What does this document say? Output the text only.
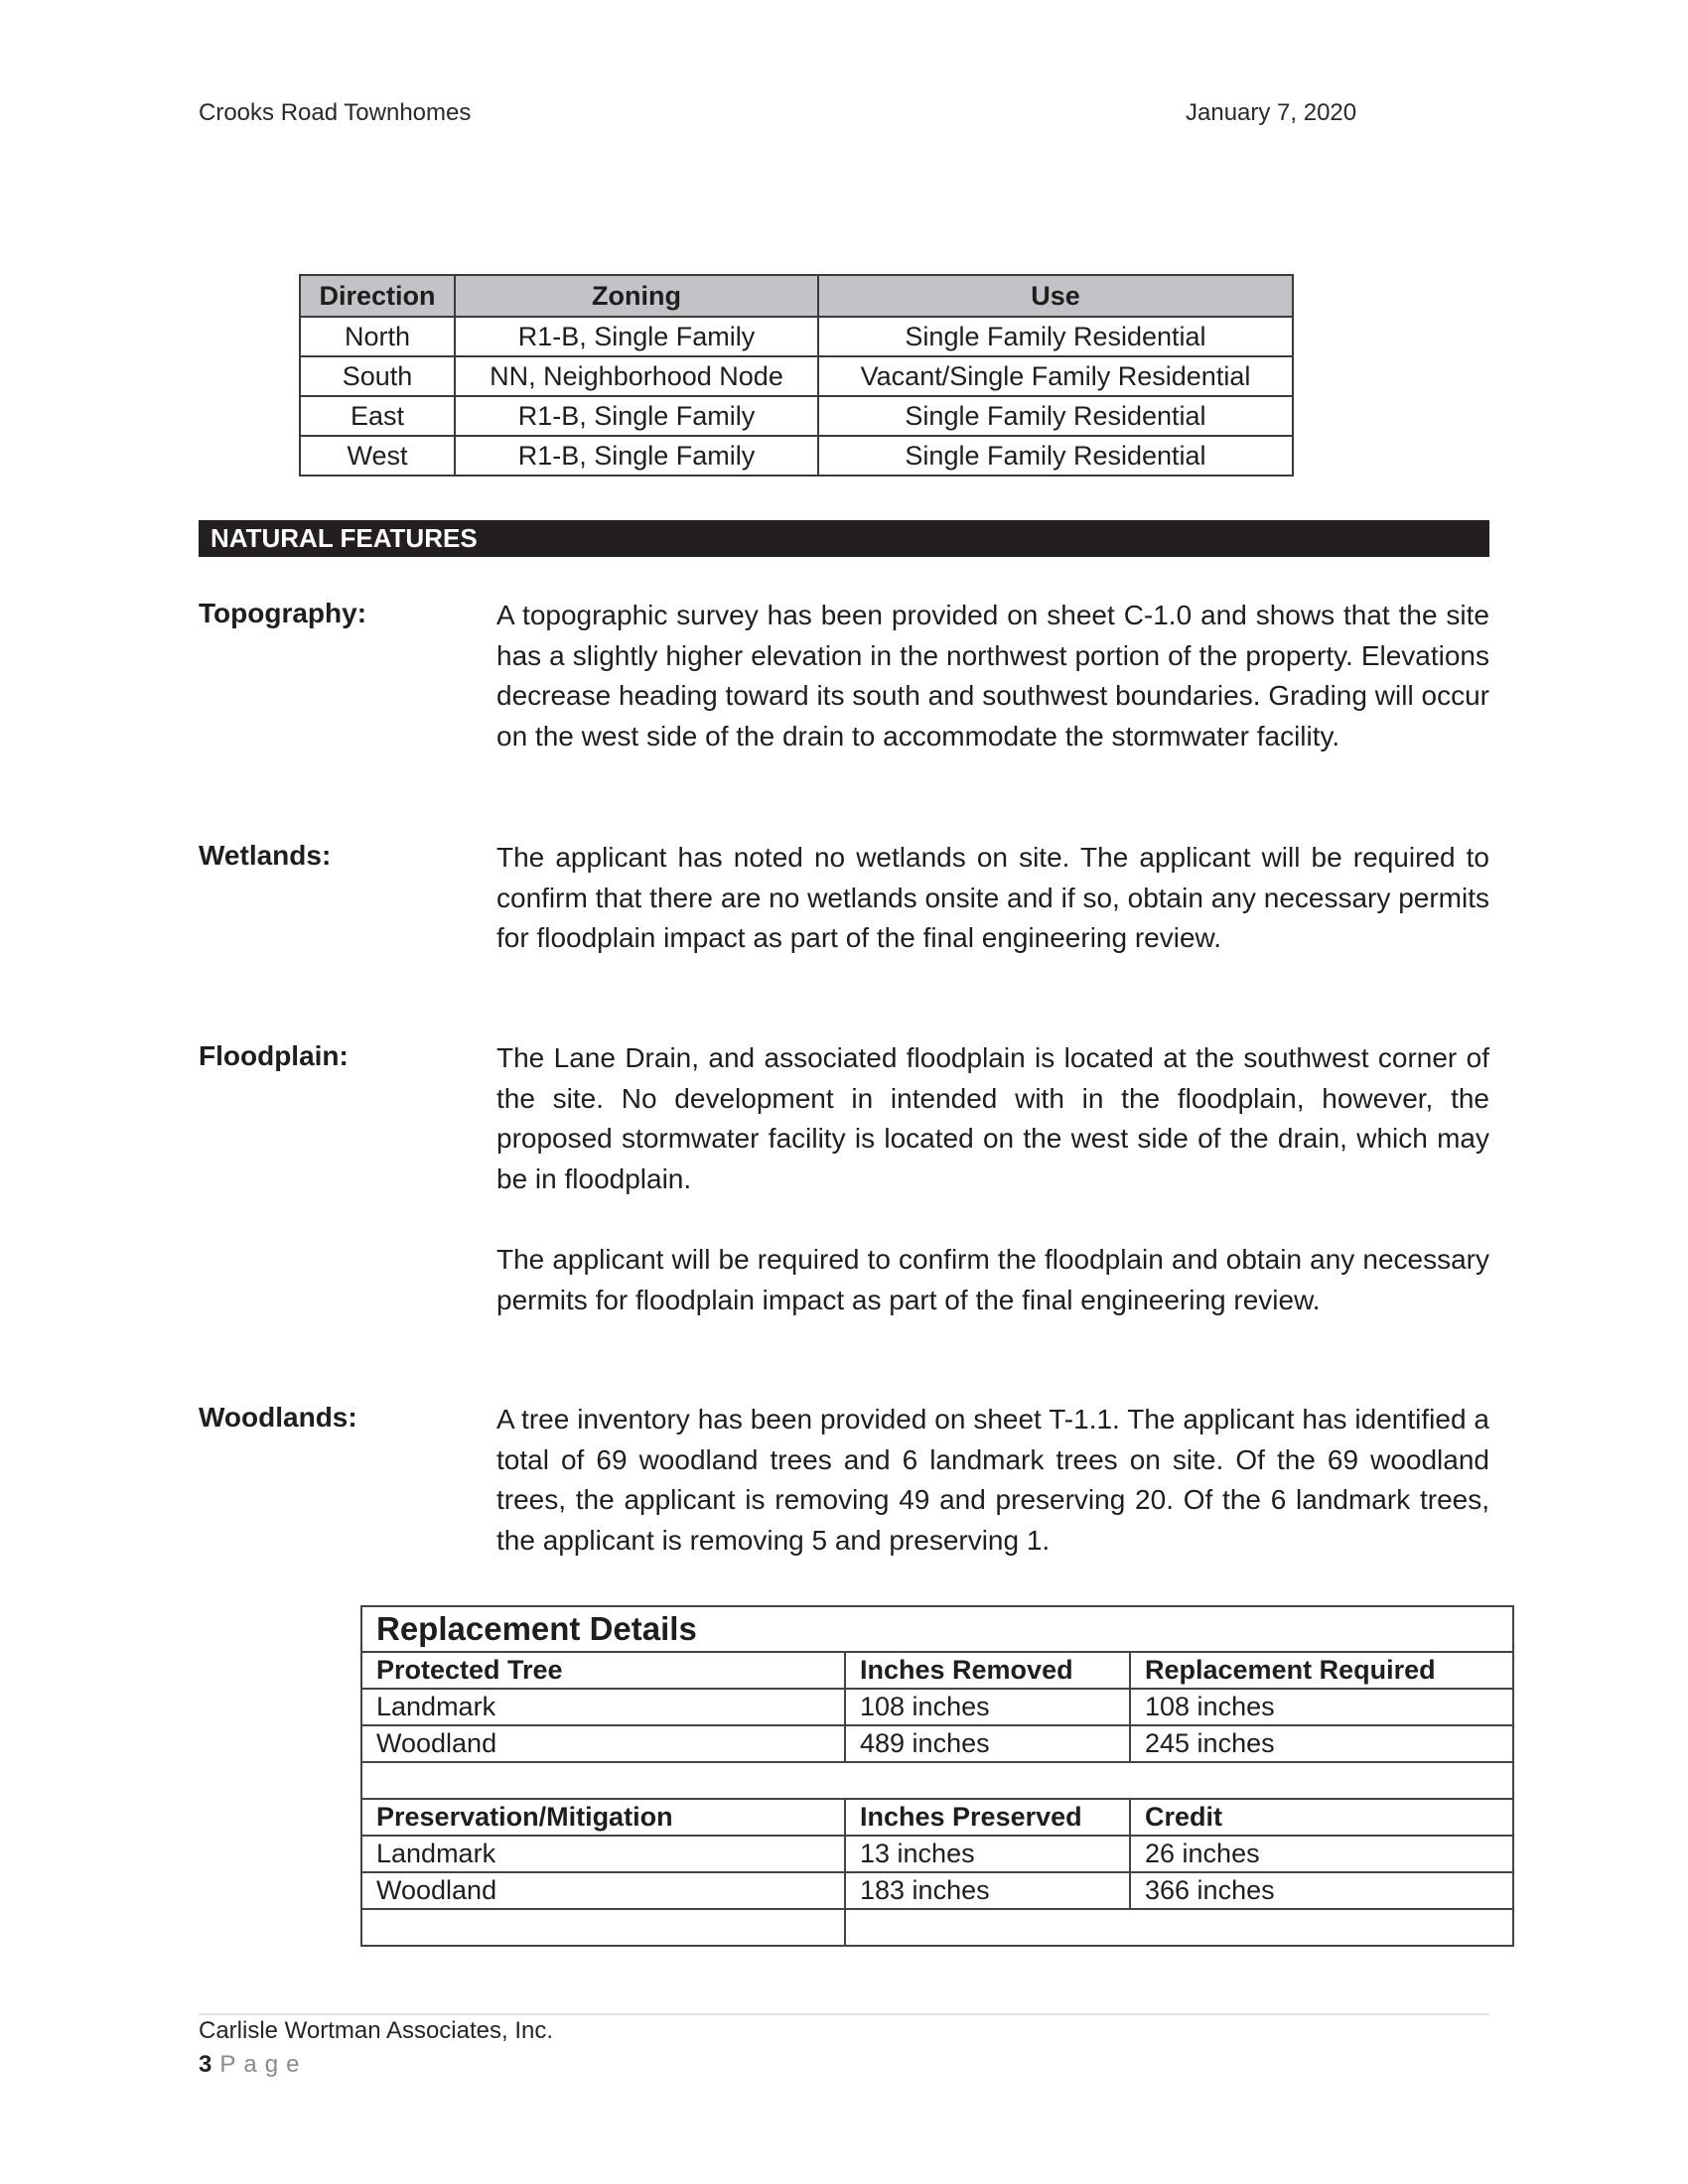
Crooks Road Townhomes	January 7, 2020
Direction	Zoning	Use
North	R1-B, Single Family	Single Family Residential
South	NN, Neighborhood Node	Vacant/Single Family Residential
East	R1-B, Single Family	Single Family Residential
West	R1-B, Single Family	Single Family Residential
NATURAL FEATURES
Topography:	A topographic survey has been provided on sheet C-1.0 and shows that the site has a slightly higher elevation in the northwest portion of the property. Elevations decrease heading toward its south and southwest boundaries. Grading will occur on the west side of the drain to accommodate the stormwater facility.
Wetlands:	The applicant has noted no wetlands on site. The applicant will be required to confirm that there are no wetlands onsite and if so, obtain any necessary permits for floodplain impact as part of the final engineering review.
Floodplain:	The Lane Drain, and associated floodplain is located at the southwest corner of the site. No development in intended with in the floodplain, however, the proposed stormwater facility is located on the west side of the drain, which may be in floodplain.
The applicant will be required to confirm the floodplain and obtain any necessary permits for floodplain impact as part of the final engineering review.
Woodlands:	A tree inventory has been provided on sheet T-1.1. The applicant has identified a total of 69 woodland trees and 6 landmark trees on site. Of the 69 woodland trees, the applicant is removing 49 and preserving 20. Of the 6 landmark trees, the applicant is removing 5 and preserving 1.
Replacement Details		
Protected Tree	Inches Removed	Replacement Required
Landmark	108 inches	108 inches
Woodland	489 inches	245 inches

Preservation/Mitigation	Inches Preserved	Credit
Landmark	13 inches	26 inches
Woodland	183 inches	366 inches

Carlisle Wortman Associates, Inc.
3 Page
